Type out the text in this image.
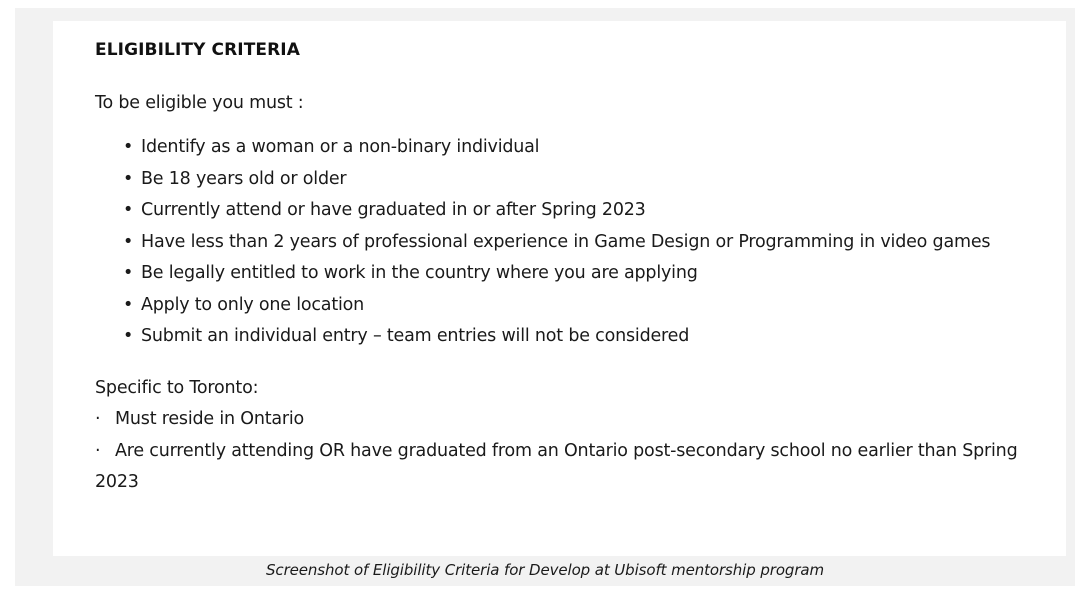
ELIGIBILITY CRITERIA
To be eligible you must :
• Identify as a woman or a non-binary individual
• Be 18 years old or older
• Currently attend or have graduated in or after Spring 2023
• Have less than 2 years of professional experience in Game Design or Programming in video games
• Be legally entitled to work in the country where you are applying
• Apply to only one location
• Submit an individual entry – team entries will not be considered

Specific to Toronto:

· Must reside in Ontario

· Are currently attending OR have graduated from an Ontario post-secondary school no earlier than Spring 2023

Screenshot of Eligibility Criteria for Develop at Ubisoft mentorship program
